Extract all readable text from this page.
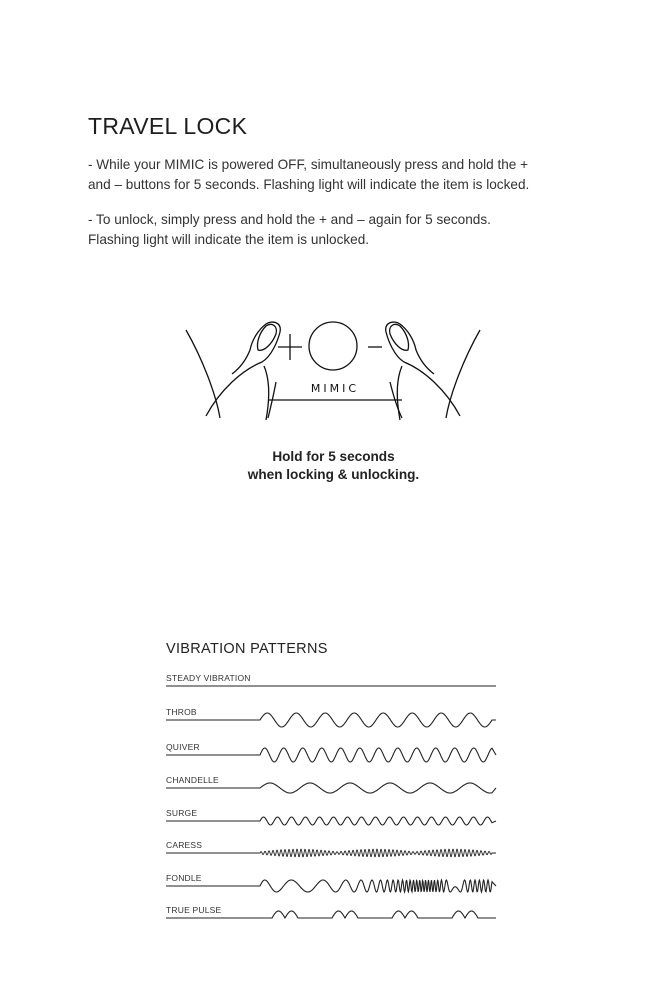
TRAVEL LOCK
- While your MIMIC is powered OFF, simultaneously press and hold the +
and – buttons for 5 seconds. Flashing light will indicate the item is locked.
- To unlock, simply press and hold the + and – again for 5 seconds.
Flashing light will indicate the item is unlocked.
MIMIC
Hold for 5 seconds
when locking & unlocking.
VIBRATION PATTERNS
STEADY VIBRATION
THROB
QUIVER
CHANDELLE
SURGE
CARESS
FONDLE
TRUE PULSE
